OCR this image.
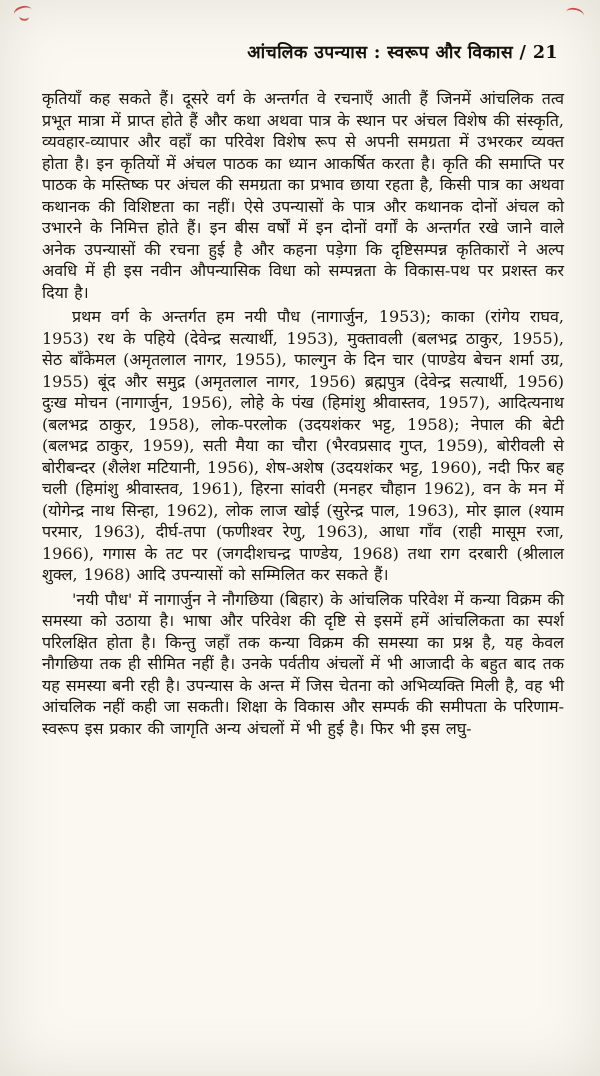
आंचलिक उपन्यास : स्वरूप और विकास / 21

कृतियाँ कह सकते हैं। दूसरे वर्ग के अन्तर्गत वे रचनाएँ आती हैं जिनमें आंचलिक तत्व प्रभूत मात्रा में प्राप्त होते हैं और कथा अथवा पात्र के स्थान पर अंचल विशेष की संस्कृति, व्यवहार-व्यापार और वहाँ का परिवेश विशेष रूप से अपनी समग्रता में उभरकर व्यक्त होता है। इन कृतियों में अंचल पाठक का ध्यान आकर्षित करता है। कृति की समाप्ति पर पाठक के मस्तिष्क पर अंचल की समग्रता का प्रभाव छाया रहता है, किसी पात्र का अथवा कथानक की विशिष्टता का नहीं। ऐसे उपन्यासों के पात्र और कथानक दोनों अंचल को उभारने के निमित्त होते हैं। इन बीस वर्षों में इन दोनों वर्गों के अन्तर्गत रखे जाने वाले अनेक उपन्यासों की रचना हुई है और कहना पड़ेगा कि दृष्टिसम्पन्न कृतिकारों ने अल्प अवधि में ही इस नवीन औपन्यासिक विधा को सम्पन्नता के विकास-पथ पर प्रशस्त कर दिया है।

प्रथम वर्ग के अन्तर्गत हम नयी पौध (नागार्जुन, 1953); काका (रांगेय राघव, 1953) रथ के पहिये (देवेन्द्र सत्यार्थी, 1953), मुक्तावली (बलभद्र ठाकुर, 1955), सेठ बाँकेमल (अमृतलाल नागर, 1955), फाल्गुन के दिन चार (पाण्डेय बेचन शर्मा उग्र, 1955) बूंद और समुद्र (अमृतलाल नागर, 1956) ब्रह्मपुत्र (देवेन्द्र सत्यार्थी, 1956) दुःख मोचन (नागार्जुन, 1956), लोहे के पंख (हिमांशु श्रीवास्तव, 1957), आदित्यनाथ (बलभद्र ठाकुर, 1958), लोक-परलोक (उदयशंकर भट्ट, 1958); नेपाल की बेटी (बलभद्र ठाकुर, 1959), सती मैया का चौरा (भैरवप्रसाद गुप्त, 1959), बोरीवली से बोरीबन्दर (शैलेश मटियानी, 1956), शेष-अशेष (उदयशंकर भट्ट, 1960), नदी फिर बह चली (हिमांशु श्रीवास्तव, 1961), हिरना सांवरी (मनहर चौहान 1962), वन के मन में (योगेन्द्र नाथ सिन्हा, 1962), लोक लाज खोई (सुरेन्द्र पाल, 1963), मोर झाल (श्याम परमार, 1963), दीर्घ-तपा (फणीश्वर रेणु, 1963), आधा गाँव (राही मासूम रजा, 1966), गगास के तट पर (जगदीशचन्द्र पाण्डेय, 1968) तथा राग दरबारी (श्रीलाल शुक्ल, 1968) आदि उपन्यासों को सम्मिलित कर सकते हैं।

'नयी पौध' में नागार्जुन ने नौगछिया (बिहार) के आंचलिक परिवेश में कन्या विक्रम की समस्या को उठाया है। भाषा और परिवेश की दृष्टि से इसमें हमें आंचलिकता का स्पर्श परिलक्षित होता है। किन्तु जहाँ तक कन्या विक्रम की समस्या का प्रश्न है, यह केवल नौगछिया तक ही सीमित नहीं है। उनके पर्वतीय अंचलों में भी आजादी के बहुत बाद तक यह समस्या बनी रही है। उपन्यास के अन्त में जिस चेतना को अभिव्यक्ति मिली है, वह भी आंचलिक नहीं कही जा सकती। शिक्षा के विकास और सम्पर्क की समीपता के परिणाम-स्वरूप इस प्रकार की जागृति अन्य अंचलों में भी हुई है। फिर भी इस लघु-
